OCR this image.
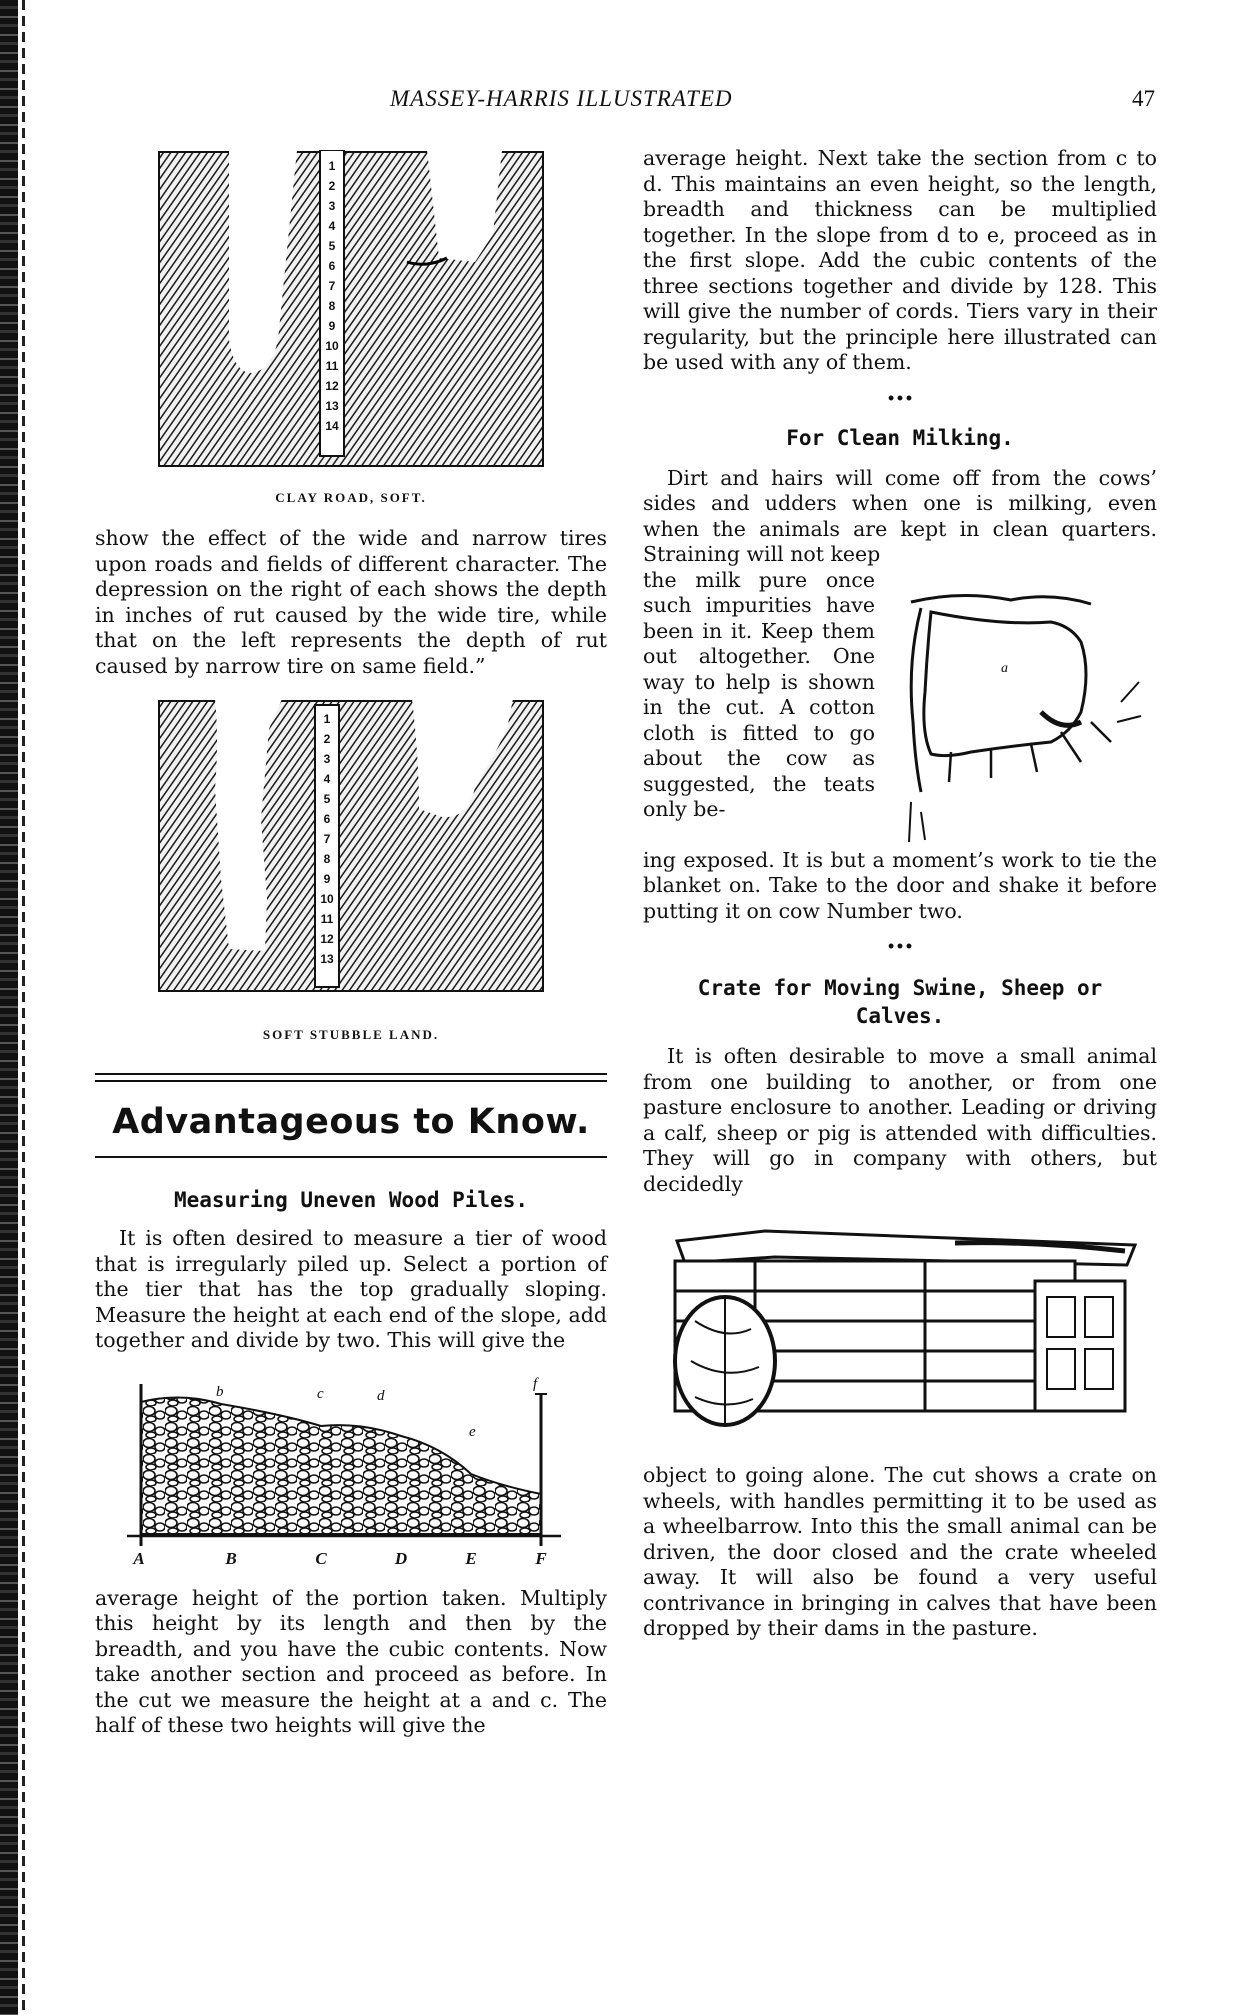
MASSEY-HARRIS ILLUSTRATED	47
1
2
3
4
5
6
7
8
9
10
11
12
13
14
CLAY ROAD, SOFT.

show the effect of the wide and narrow tires upon roads and fields of different character. The depression on the right of each shows the depth in inches of rut caused by the wide tire, while that on the left represents the depth of rut caused by narrow tire on same field.”

1
2
3
4
5
6
7
8
9
10
11
12
13
SOFT STUBBLE LAND.
Advantageous to Know.
Measuring Uneven Wood Piles.

It is often desired to measure a tier of wood that is irregularly piled up. Select a portion of the tier that has the top gradually sloping. Measure the height at each end of the slope, add together and divide by two. This will give the

b	c	d
e
f
A	B	C	D	E	F

average height of the portion taken. Multiply this height by its length and then by the breadth, and you have the cubic contents. Now take another section and proceed as before. In the cut we measure the height at a and c. The half of these two heights will give the

average height. Next take the section from c to d. This maintains an even height, so the length, breadth and thickness can be multiplied together. In the slope from d to e, proceed as in the first slope. Add the cubic contents of the three sections together and divide by 128. This will give the number of cords. Tiers vary in their regularity, but the principle here illustrated can be used with any of them.

•••
For Clean Milking.

Dirt and hairs will come off from the cows’ sides and udders when one is milking, even when the animals are kept in clean quarters. Straining will not keep

the milk pure once such impurities have been in it. Keep them out altogether. One way to help is shown in the cut. A cotton cloth is fitted to go about the cow as suggested, the teats only be-

a

ing exposed. It is but a moment’s work to tie the blanket on. Take to the door and shake it before putting it on cow Number two.

•••
Crate for Moving Swine, Sheep or
Calves.

It is often desirable to move a small animal from one building to another, or from one pasture enclosure to another. Leading or driving a calf, sheep or pig is attended with difficulties. They will go in company with others, but decidedly

object to going alone. The cut shows a crate on wheels, with handles permitting it to be used as a wheelbarrow. Into this the small animal can be driven, the door closed and the crate wheeled away. It will also be found a very useful contrivance in bringing in calves that have been dropped by their dams in the pasture.
